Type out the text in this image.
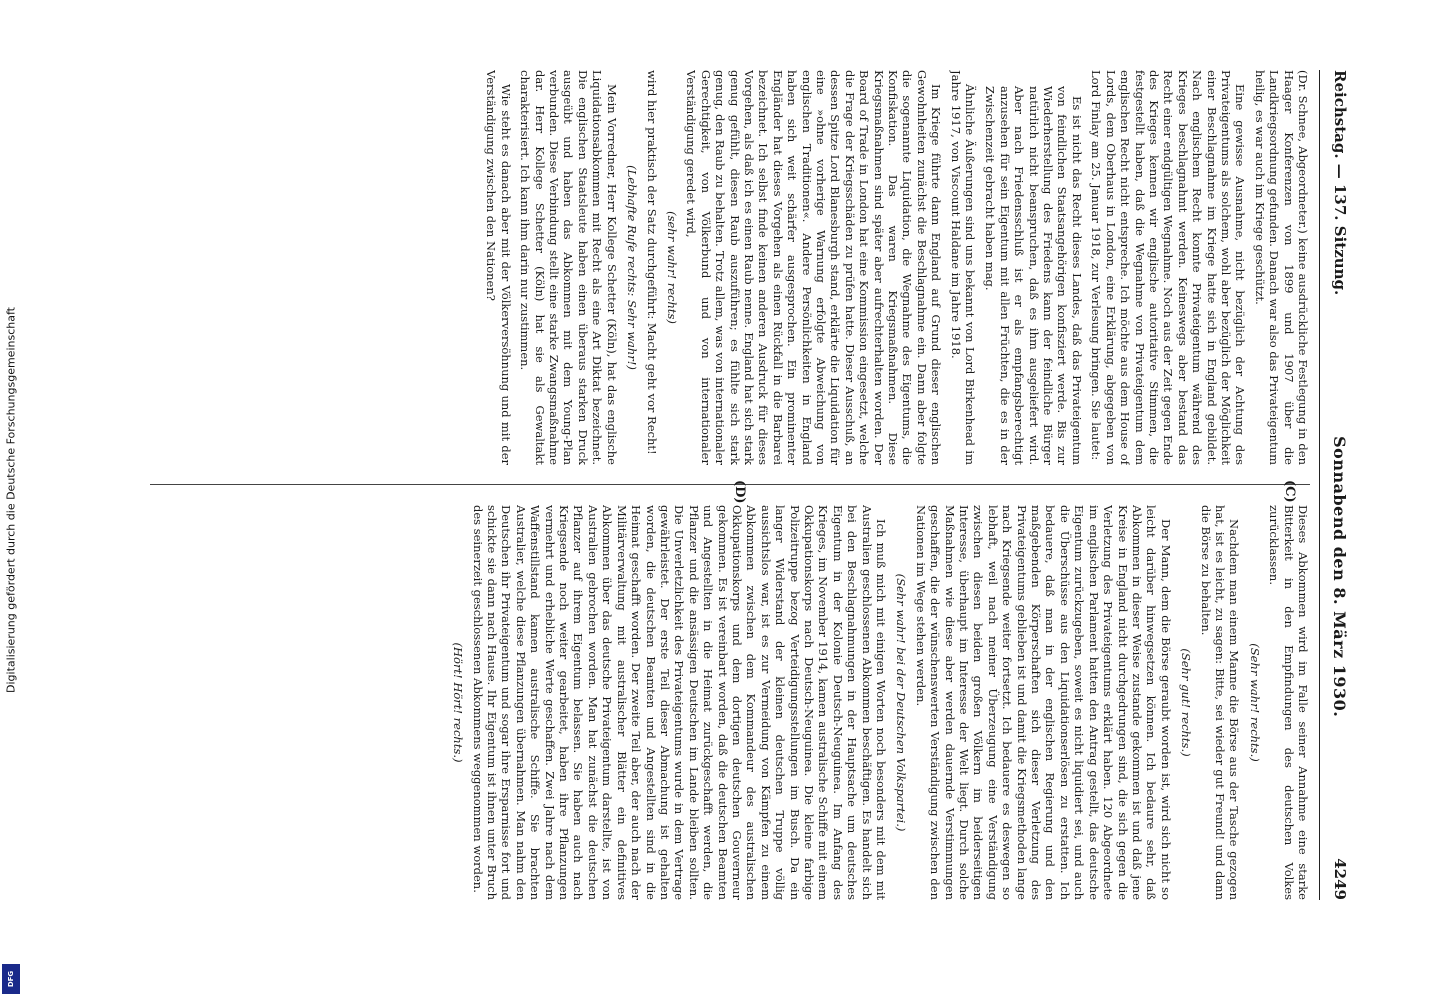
Digitalisierung gefördert durch die Deutsche Forschungsgemeinschaft
DFG
Reichstag. — 137. Sitzung.
Sonnabend den 8. März 1930.
4249

(Dr. Schnee, Abgeordneter.) keine ausdrückliche Festlegung in den Haager Konferenzen von 1899 und 1907 über die Landkriegsordnung gefunden. Danach war also das Privateigentum heilig, es war auch im Kriege geschützt.

Eine gewisse Ausnahme, nicht bezüglich der Achtung des Privateigentums als solchem, wohl aber bezüglich der Möglichkeit einer Beschlagnahme im Kriege hatte sich in England gebildet. Nach englischem Recht konnte Privateigentum während des Krieges beschlagnahmt werden. Keineswegs aber bestand das Recht einer endgültigen Wegnahme. Noch aus der Zeit gegen Ende des Krieges kennen wir englische autoritative Stimmen, die festgestellt haben, daß die Wegnahme von Privateigentum dem englischen Recht nicht entspreche. Ich möchte aus dem House of Lords, dem Oberhaus in London, eine Erklärung, abgegeben von Lord Finlay am 25. Januar 1918, zur Verlesung bringen. Sie lautet:

Es ist nicht das Recht dieses Landes, daß das Privateigentum von feindlichen Staatsangehörigen konfisziert werde. Bis zur Wiederherstellung des Friedens kann der feindliche Bürger natürlich nicht beanspruchen, daß es ihm ausgeliefert wird. Aber nach Friedensschluß ist er als empfangsberechtigt anzusehen für sein Eigentum mit allen Früchten, die es in der Zwischenzeit gebracht haben mag.

Ähnliche Äußerungen sind uns bekannt von Lord Birkenhead im Jahre 1917, von Viscount Haldane im Jahre 1918.

Im Kriege führte dann England auf Grund dieser englischen Gewohnheiten zunächst die Beschlagnahme ein. Dann aber folgte die sogenannte Liquidation, die Wegnahme des Eigentums, die Konfiskation. Das waren Kriegsmaßnahmen. Diese Kriegsmaßnahmen sind später aber aufrechterhalten worden. Der Board of Trade in London hat eine Kommission eingesetzt, welche die Frage der Kriegsschäden zu prüfen hatte. Dieser Ausschuß, an dessen Spitze Lord Blanesburgh stand, erklärte die Liquidation für eine »ohne vorherige Warnung erfolgte Abweichung von englischen Traditionen«. Andere Persönlichkeiten in England haben sich weit schärfer ausgesprochen. Ein prominenter Engländer hat dieses Vorgehen als einen Rückfall in die Barbarei bezeichnet. Ich selbst finde keinen anderen Ausdruck für dieses Vorgehen, als daß ich es einen Raub nenne. England hat sich stark genug gefühlt, diesen Raub auszuführen; es fühlte sich stark genug, den Raub zu behalten. Trotz allem, was von internationaler Gerechtigkeit, von Völkerbund und von internationaler Verständigung geredet wird,

(sehr wahr! rechts)

wird hier praktisch der Satz durchgeführt: Macht geht vor Recht!

(Lebhafte Rufe rechts: Sehr wahr!)

Mein Vorredner, Herr Kollege Schetter (Köln), hat das englische Liquidationsabkommen mit Recht als eine Art Diktat bezeichnet. Die englischen Staatsleute haben einen überaus starken Druck ausgeübt und haben das Abkommen mit dem Young-Plan verbunden. Diese Verbindung stellt eine starke Zwangsmaßnahme dar. Herr Kollege Schetter (Köln) hat sie als Gewaltakt charakterisiert. Ich kann ihm darin nur zustimmen.

Wie steht es danach aber mit der Völkerversöhnung und mit der Verständigung zwischen den Nationen?

(C)
(D)

Dieses Abkommen wird im Falle seiner Annahme eine starke Bitterkeit in den Empfindungen des deutschen Volkes zurücklassen.

(Sehr wahr! rechts.)

Nachdem man einem Manne die Börse aus der Tasche gezogen hat, ist es leicht, zu sagen: Bitte, sei wieder gut Freund! und dann die Börse zu behalten.

(Sehr gut! rechts.)

Der Mann, dem die Börse geraubt worden ist, wird sich nicht so leicht darüber hinwegsetzen können. Ich bedaure sehr, daß Abkommen in dieser Weise zustande gekommen ist und daß jene Kreise in England nicht durchgedrungen sind, die sich gegen die Verletzung des Privateigentums erklärt haben. 120 Abgeordnete im englischen Parlament hatten den Antrag gestellt, das deutsche Eigentum zurückzugeben, soweit es nicht liquidiert sei, und auch die Überschüsse aus den Liquidationserlösen zu erstatten. Ich bedauere, daß man in der englischen Regierung und den maßgebenden Körperschaften sich dieser Verletzung des Privateigentums geblieben ist und damit die Kriegsmethoden lange nach Kriegsende weiter fortsetzt. Ich bedauere es deswegen so lebhaft, weil nach meiner Überzeugung eine Verständigung zwischen diesen beiden großen Völkern im beiderseitigen Interesse, überhaupt im Interesse der Welt liegt. Durch solche Maßnahmen wie diese aber werden dauernde Verstimmungen geschaffen, die der wünschenswerten Verständigung zwischen den Nationen im Wege stehen werden.

(Sehr wahr! bei der Deutschen Volkspartei.)

Ich muß mich mit einigen Worten noch besonders mit dem mit Australien geschlossenen Abkommen beschäftigen. Es handelt sich bei den Beschlagnahmungen in der Hauptsache um deutsches Eigentum in der Kolonie Deutsch-Neuguinea. Im Anfang des Krieges, im November 1914, kamen australische Schiffe mit einem Okkupationskorps nach Deutsch-Neuguinea. Die kleine farbige Polizeitruppe bezog Verteidigungsstellungen im Busch. Da ein langer Widerstand der kleinen deutschen Truppe völlig aussichtslos war, ist es zur Vermeidung von Kämpfen zu einem Abkommen zwischen dem Kommandeur des australischen Okkupationskorps und dem dortigen deutschen Gouverneur gekommen. Es ist vereinbart worden, daß die deutschen Beamten und Angestellten in die Heimat zurückgeschafft werden, die Pflanzer und die ansässigen Deutschen im Lande bleiben sollten. Die Unverletzlichkeit des Privateigentums wurde in dem Vertrage gewährleistet. Der erste Teil dieser Abmachung ist gehalten worden, die deutschen Beamten und Angestellten sind in die Heimat geschafft worden. Der zweite Teil aber, der auch nach der Militärverwaltung mit australischer Blätter ein definitives Abkommen über das deutsche Privateigentum darstellte, ist von Australien gebrochen worden. Man hat zunächst die deutschen Pflanzer auf ihrem Eigentum belassen. Sie haben auch nach Kriegsende noch weiter gearbeitet, haben ihre Pflanzungen vermehrt und erhebliche Werte geschaffen. Zwei Jahre nach dem Waffenstillstand kamen australische Schiffe. Sie brachten Australier, welche diese Pflanzungen übernahmen. Man nahm den Deutschen ihr Privateigentum und sogar ihre Ersparnisse fort und schickte sie dann nach Hause. Ihr Eigentum ist ihnen unter Bruch des seinerzeit geschlossenen Abkommens weggenommen worden.

(Hört! Hört! rechts.)
